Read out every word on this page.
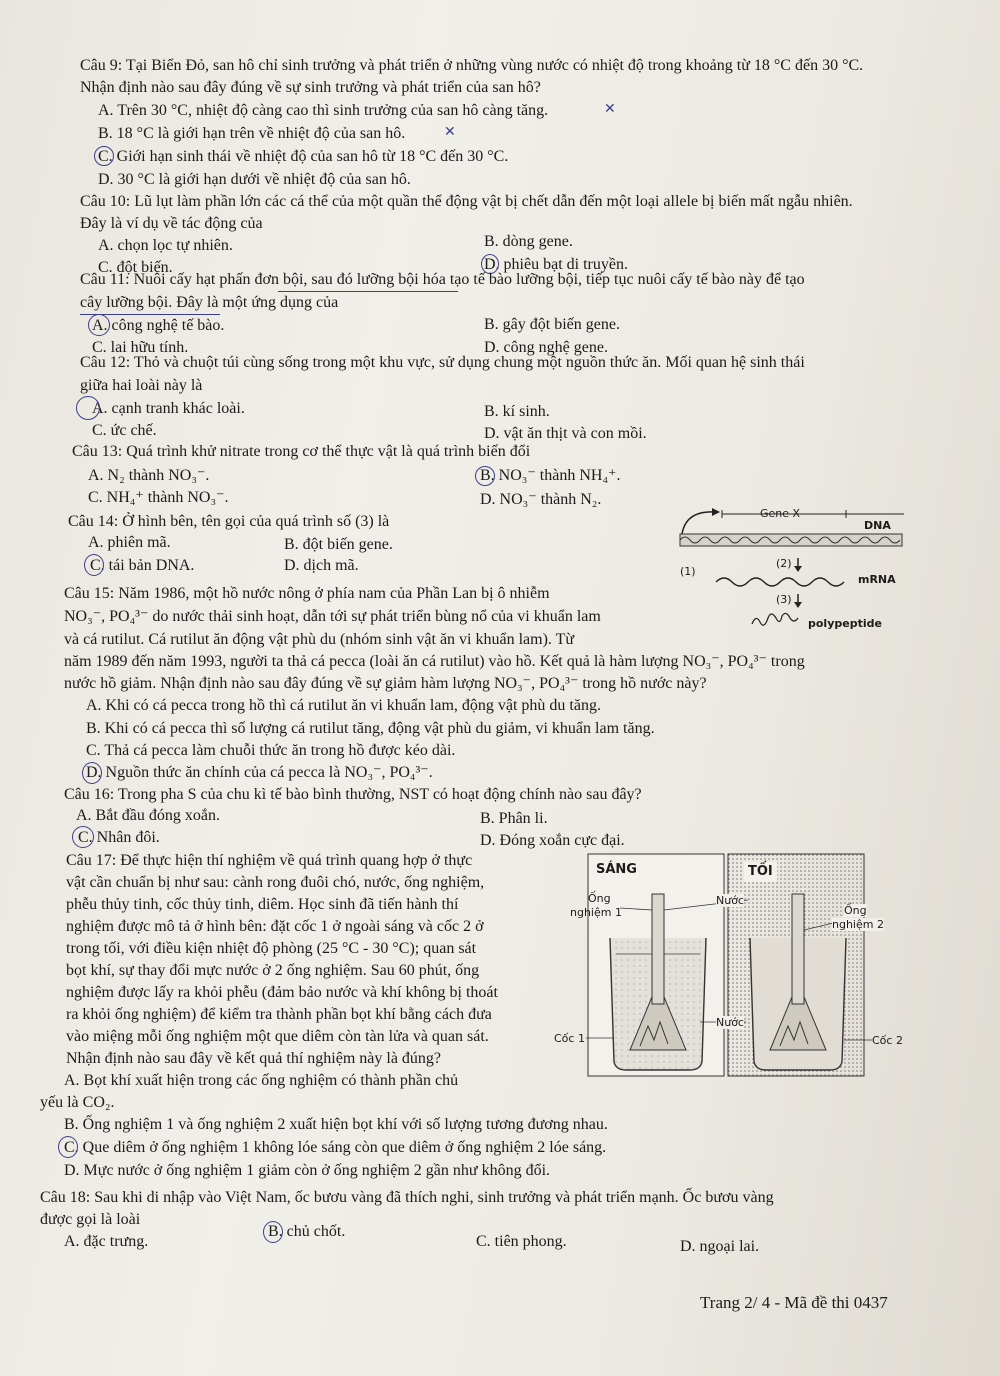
Câu 9: Tại Biển Đỏ, san hô chỉ sinh trưởng và phát triển ở những vùng nước có nhiệt độ trong khoảng từ 18 °C đến 30 °C.
Nhận định nào sau đây đúng về sự sinh trưởng và phát triển của san hô?
A. Trên 30 °C, nhiệt độ càng cao thì sinh trưởng của san hô càng tăng.	✕
B. 18 °C là giới hạn trên về nhiệt độ của san hô.	✕
C. Giới hạn sinh thái về nhiệt độ của san hô từ 18 °C đến 30 °C.
D. 30 °C là giới hạn dưới về nhiệt độ của san hô.
Câu 10: Lũ lụt làm phần lớn các cá thể của một quần thể động vật bị chết dẫn đến một loại allele bị biến mất ngẫu nhiên.
Đây là ví dụ về tác động của
A. chọn lọc tự nhiên.	B. dòng gene.
C. đột biến.	D. phiêu bạt di truyền.
Câu 11: Nuôi cấy hạt phấn đơn bội, sau đó lưỡng bội hóa tạo tế bào lưỡng bội, tiếp tục nuôi cấy tế bào này để tạo
cây lưỡng bội. Đây là một ứng dụng của
A. công nghệ tế bào.	B. gây đột biến gene.
C. lai hữu tính.	D. công nghệ gene.
Câu 12: Thỏ và chuột túi cùng sống trong một khu vực, sử dụng chung một nguồn thức ăn. Mối quan hệ sinh thái
giữa hai loài này là
A. cạnh tranh khác loài.	B. kí sinh.
C. ức chế.	D. vật ăn thịt và con mồi.
Câu 13: Quá trình khử nitrate trong cơ thể thực vật là quá trình biến đổi
A. N₂ thành NO₃⁻.	B. NO₃⁻ thành NH₄⁺.
C. NH₄⁺ thành NO₃⁻.	D. NO₃⁻ thành N₂.
Câu 14: Ở hình bên, tên gọi của quá trình số (3) là
A. phiên mã.	B. đột biến gene.
C. tái bản DNA.	D. dịch mã.
Gene X
DNA
(1)
(2)
mRNA
(3)
polypeptide
Câu 15: Năm 1986, một hồ nước nông ở phía nam của Phần Lan bị ô nhiễm
NO₃⁻, PO₄³⁻ do nước thải sinh hoạt, dẫn tới sự phát triển bùng nổ của vi khuẩn lam
và cá rutilut. Cá rutilut ăn động vật phù du (nhóm sinh vật ăn vi khuẩn lam). Từ
năm 1989 đến năm 1993, người ta thả cá pecca (loài ăn cá rutilut) vào hồ. Kết quả là hàm lượng NO₃⁻, PO₄³⁻ trong
nước hồ giảm. Nhận định nào sau đây đúng về sự giảm hàm lượng NO₃⁻, PO₄³⁻ trong hồ nước này?
A. Khi có cá pecca trong hồ thì cá rutilut ăn vi khuẩn lam, động vật phù du tăng.
B. Khi có cá pecca thì số lượng cá rutilut tăng, động vật phù du giảm, vi khuẩn lam tăng.
C. Thả cá pecca làm chuỗi thức ăn trong hồ được kéo dài.
D. Nguồn thức ăn chính của cá pecca là NO₃⁻, PO₄³⁻.
Câu 16: Trong pha S của chu kì tế bào bình thường, NST có hoạt động chính nào sau đây?
A. Bắt đầu đóng xoắn.	B. Phân li.
C. Nhân đôi.	D. Đóng xoắn cực đại.
Câu 17: Để thực hiện thí nghiệm về quá trình quang hợp ở thực
vật cần chuẩn bị như sau: cành rong đuôi chó, nước, ống nghiệm,
phễu thủy tinh, cốc thủy tinh, diêm. Học sinh đã tiến hành thí
nghiệm được mô tả ở hình bên: đặt cốc 1 ở ngoài sáng và cốc 2 ở
trong tối, với điều kiện nhiệt độ phòng (25 °C - 30 °C); quan sát
bọt khí, sự thay đổi mực nước ở 2 ống nghiệm. Sau 60 phút, ống
nghiệm được lấy ra khỏi phễu (đảm bảo nước và khí không bị thoát
ra khỏi ống nghiệm) để kiểm tra thành phần bọt khí bằng cách đưa
vào miệng mỗi ống nghiệm một que diêm còn tàn lửa và quan sát.
Nhận định nào sau đây về kết quả thí nghiệm này là đúng?
SÁNG	TỐI
Ống
nghiệm 1
Nước
Ống
nghiệm 2
Nước
Cốc 1	Cốc 2
A. Bọt khí xuất hiện trong các ống nghiệm có thành phần chủ
yếu là CO₂.
B. Ống nghiệm 1 và ống nghiệm 2 xuất hiện bọt khí với số lượng tương đương nhau.
C. Que diêm ở ống nghiệm 1 không lóe sáng còn que diêm ở ống nghiệm 2 lóe sáng.
D. Mực nước ở ống nghiệm 1 giảm còn ở ống nghiệm 2 gần như không đổi.
Câu 18: Sau khi di nhập vào Việt Nam, ốc bươu vàng đã thích nghi, sinh trưởng và phát triển mạnh. Ốc bươu vàng
được gọi là loài
A. đặc trưng.
B. chủ chốt.
C. tiên phong.	D. ngoại lai.
Trang 2/ 4 - Mã đề thi 0437
